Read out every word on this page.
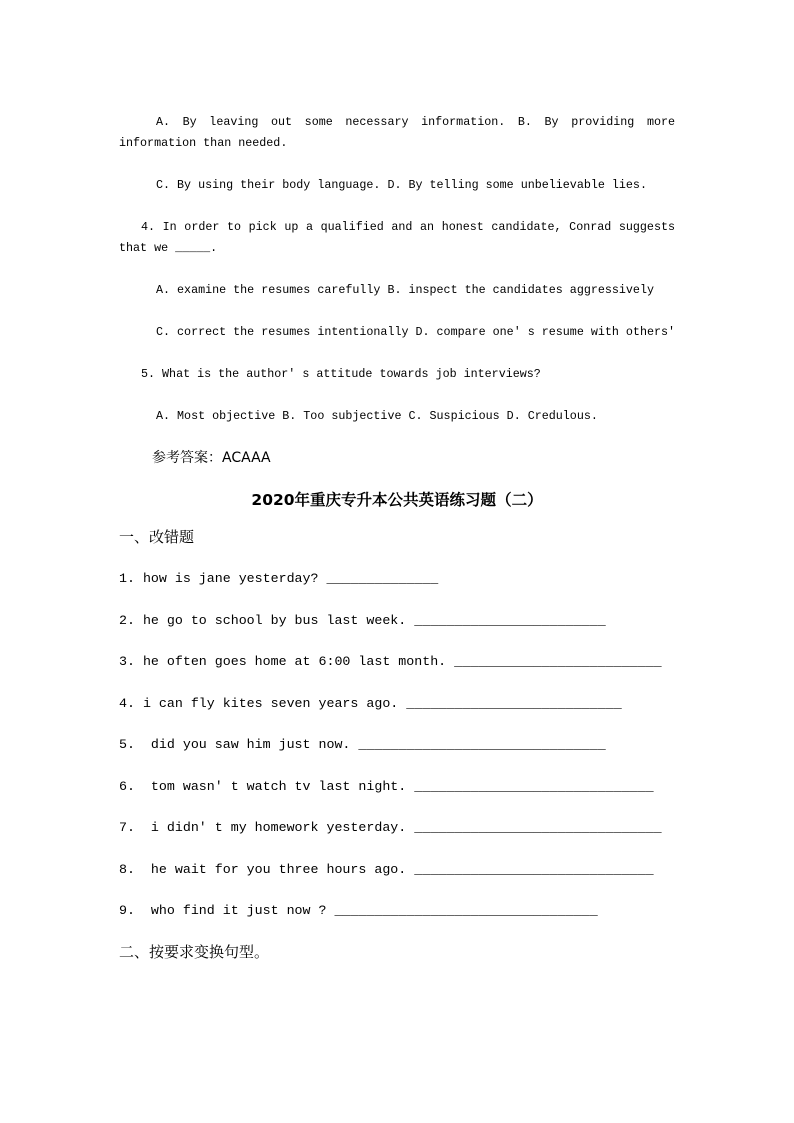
A. By leaving out some necessary information. B. By providing more information than needed.

C. By using their body language. D. By telling some unbelievable lies.

4. In order to pick up a qualified and an honest candidate, Conrad suggests that we _____.

A. examine the resumes carefully B. inspect the candidates aggressively

C. correct the resumes intentionally D. compare one' s resume with others'

5. What is the author' s attitude towards job interviews?

A. Most objective B. Too subjective C. Suspicious D. Credulous.

参考答案：ACAAA

2020年重庆专升本公共英语练习题（二）

一、改错题

1. how is jane yesterday? ______________

2. he go to school by bus last week. ________________________

3. he often goes home at 6:00 last month. __________________________

4. i can fly kites seven years ago. ___________________________

5.  did you saw him just now. _______________________________

6.  tom wasn' t watch tv last night. ______________________________

7.  i didn' t my homework yesterday. _______________________________

8.  he wait for you three hours ago. ______________________________

9.  who find it just now ? _________________________________

二、按要求变换句型。
